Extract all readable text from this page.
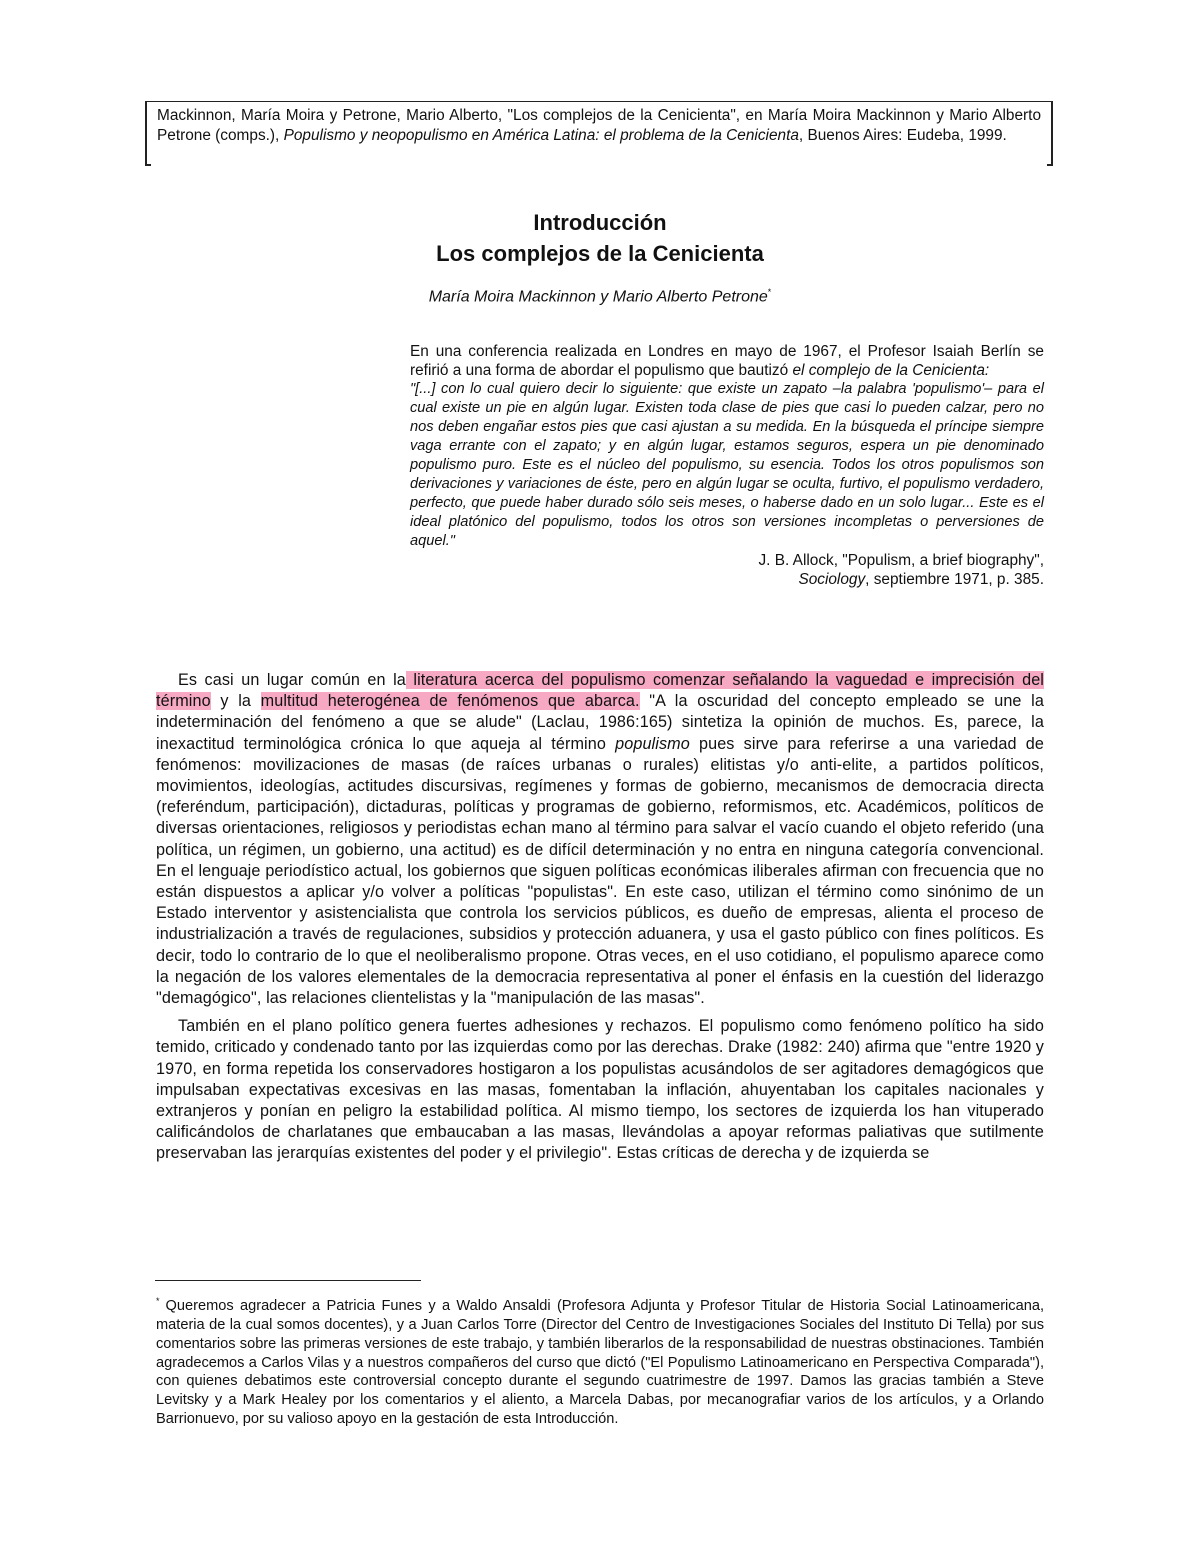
Mackinnon, María Moira y Petrone, Mario Alberto, "Los complejos de la Cenicienta", en María Moira Mackinnon y Mario Alberto Petrone (comps.), Populismo y neopopulismo en América Latina: el problema de la Cenicienta, Buenos Aires: Eudeba, 1999.
Introducción
Los complejos de la Cenicienta
María Moira Mackinnon y Mario Alberto Petrone*

En una conferencia realizada en Londres en mayo de 1967, el Profesor Isaiah Berlín se refirió a una forma de abordar el populismo que bautizó el complejo de la Cenicienta:

"[...] con lo cual quiero decir lo siguiente: que existe un zapato –la palabra 'populismo'– para el cual existe un pie en algún lugar. Existen toda clase de pies que casi lo pueden calzar, pero no nos deben engañar estos pies que casi ajustan a su medida. En la búsqueda el príncipe siempre vaga errante con el zapato; y en algún lugar, estamos seguros, espera un pie denominado populismo puro. Este es el núcleo del populismo, su esencia. Todos los otros populismos son derivaciones y variaciones de éste, pero en algún lugar se oculta, furtivo, el populismo verdadero, perfecto, que puede haber durado sólo seis meses, o haberse dado en un solo lugar... Este es el ideal platónico del populismo, todos los otros son versiones incompletas o perversiones de aquel."

J. B. Allock, "Populism, a brief biography",

Sociology, septiembre 1971, p. 385.

Es casi un lugar común en la literatura acerca del populismo comenzar señalando la vaguedad e imprecisión del término y la multitud heterogénea de fenómenos que abarca. "A la oscuridad del concepto empleado se une la indeterminación del fenómeno a que se alude" (Laclau, 1986:165) sintetiza la opinión de muchos. Es, parece, la inexactitud terminológica crónica lo que aqueja al término populismo pues sirve para referirse a una variedad de fenómenos: movilizaciones de masas (de raíces urbanas o rurales) elitistas y/o anti-elite, a partidos políticos, movimientos, ideologías, actitudes discursivas, regímenes y formas de gobierno, mecanismos de democracia directa (referéndum, participación), dictaduras, políticas y programas de gobierno, reformismos, etc. Académicos, políticos de diversas orientaciones, religiosos y periodistas echan mano al término para salvar el vacío cuando el objeto referido (una política, un régimen, un gobierno, una actitud) es de difícil determinación y no entra en ninguna categoría convencional. En el lenguaje periodístico actual, los gobiernos que siguen políticas económicas iliberales afirman con frecuencia que no están dispuestos a aplicar y/o volver a políticas "populistas". En este caso, utilizan el término como sinónimo de un Estado interventor y asistencialista que controla los servicios públicos, es dueño de empresas, alienta el proceso de industrialización a través de regulaciones, subsidios y protección aduanera, y usa el gasto público con fines políticos. Es decir, todo lo contrario de lo que el neoliberalismo propone. Otras veces, en el uso cotidiano, el populismo aparece como la negación de los valores elementales de la democracia representativa al poner el énfasis en la cuestión del liderazgo "demagógico", las relaciones clientelistas y la "manipulación de las masas".

También en el plano político genera fuertes adhesiones y rechazos. El populismo como fenómeno político ha sido temido, criticado y condenado tanto por las izquierdas como por las derechas. Drake (1982: 240) afirma que "entre 1920 y 1970, en forma repetida los conservadores hostigaron a los populistas acusándolos de ser agitadores demagógicos que impulsaban expectativas excesivas en las masas, fomentaban la inflación, ahuyentaban los capitales nacionales y extranjeros y ponían en peligro la estabilidad política. Al mismo tiempo, los sectores de izquierda los han vituperado calificándolos de charlatanes que embaucaban a las masas, llevándolas a apoyar reformas paliativas que sutilmente preservaban las jerarquías existentes del poder y el privilegio". Estas críticas de derecha y de izquierda se

* Queremos agradecer a Patricia Funes y a Waldo Ansaldi (Profesora Adjunta y Profesor Titular de Historia Social Latinoamericana, materia de la cual somos docentes), y a Juan Carlos Torre (Director del Centro de Investigaciones Sociales del Instituto Di Tella) por sus comentarios sobre las primeras versiones de este trabajo, y también liberarlos de la responsabilidad de nuestras obstinaciones. También agradecemos a Carlos Vilas y a nuestros compañeros del curso que dictó ("El Populismo Latinoamericano en Perspectiva Comparada"), con quienes debatimos este controversial concepto durante el segundo cuatrimestre de 1997. Damos las gracias también a Steve Levitsky y a Mark Healey por los comentarios y el aliento, a Marcela Dabas, por mecanografiar varios de los artículos, y a Orlando Barrionuevo, por su valioso apoyo en la gestación de esta Introducción.
